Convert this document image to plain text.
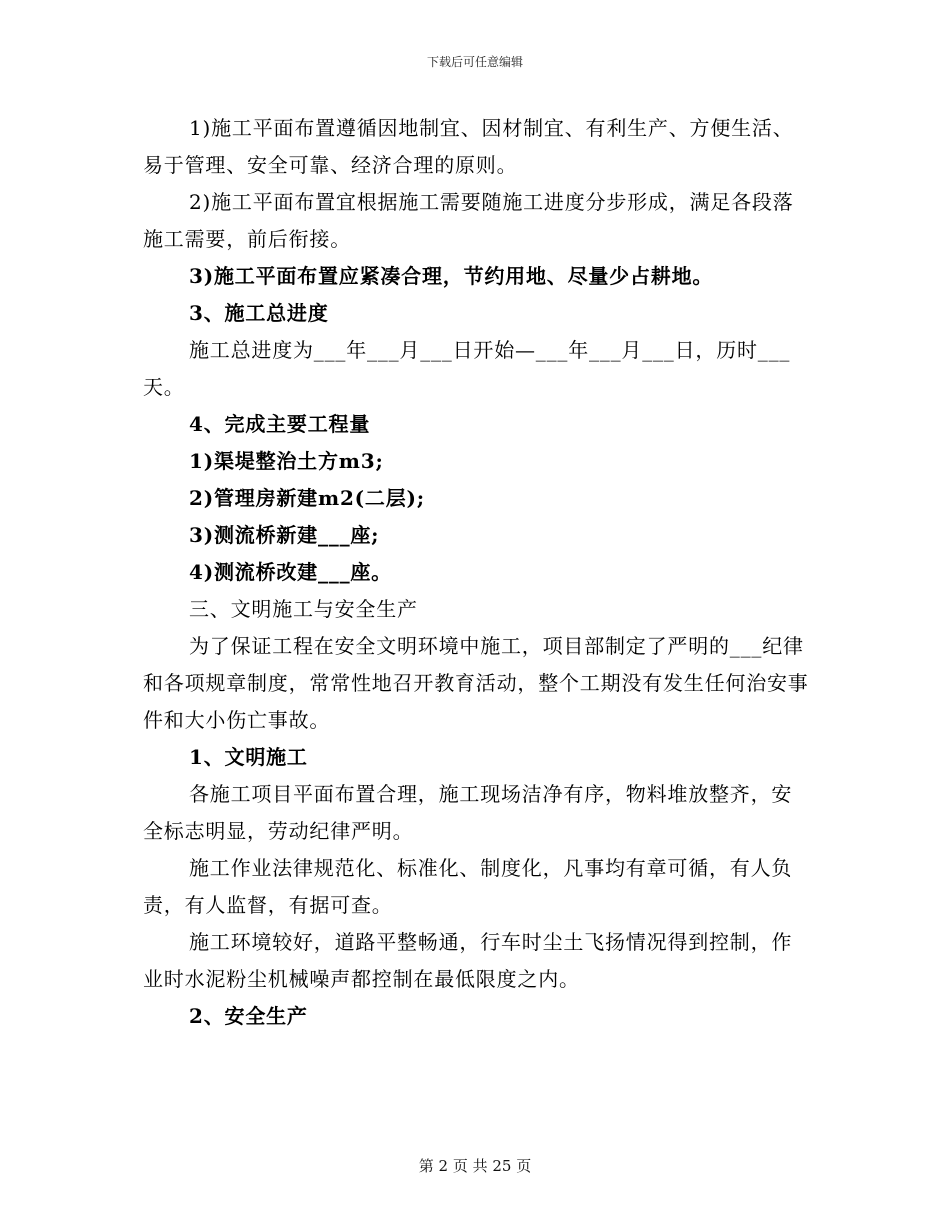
下载后可任意编辑

1)施工平面布置遵循因地制宜、因材制宜、有利生产、方便生活、易于管理、安全可靠、经济合理的原则。

2)施工平面布置宜根据施工需要随施工进度分步形成，满足各段落施工需要，前后衔接。

3)施工平面布置应紧凑合理，节约用地、尽量少占耕地。

3、施工总进度

施工总进度为___年___月___日开始—___年___月___日，历时___天。

4、完成主要工程量

1)渠堤整治土方m3;

2)管理房新建m2(二层);

3)测流桥新建___座;

4)测流桥改建___座。

三、文明施工与安全生产

为了保证工程在安全文明环境中施工，项目部制定了严明的___纪律和各项规章制度，常常性地召开教育活动，整个工期没有发生任何治安事件和大小伤亡事故。

1、文明施工

各施工项目平面布置合理，施工现场洁净有序，物料堆放整齐，安全标志明显，劳动纪律严明。

施工作业法律规范化、标准化、制度化，凡事均有章可循，有人负责，有人监督，有据可查。

施工环境较好，道路平整畅通，行车时尘土飞扬情况得到控制，作业时水泥粉尘机械噪声都控制在最低限度之内。

2、安全生产

第 2 页 共 25 页
